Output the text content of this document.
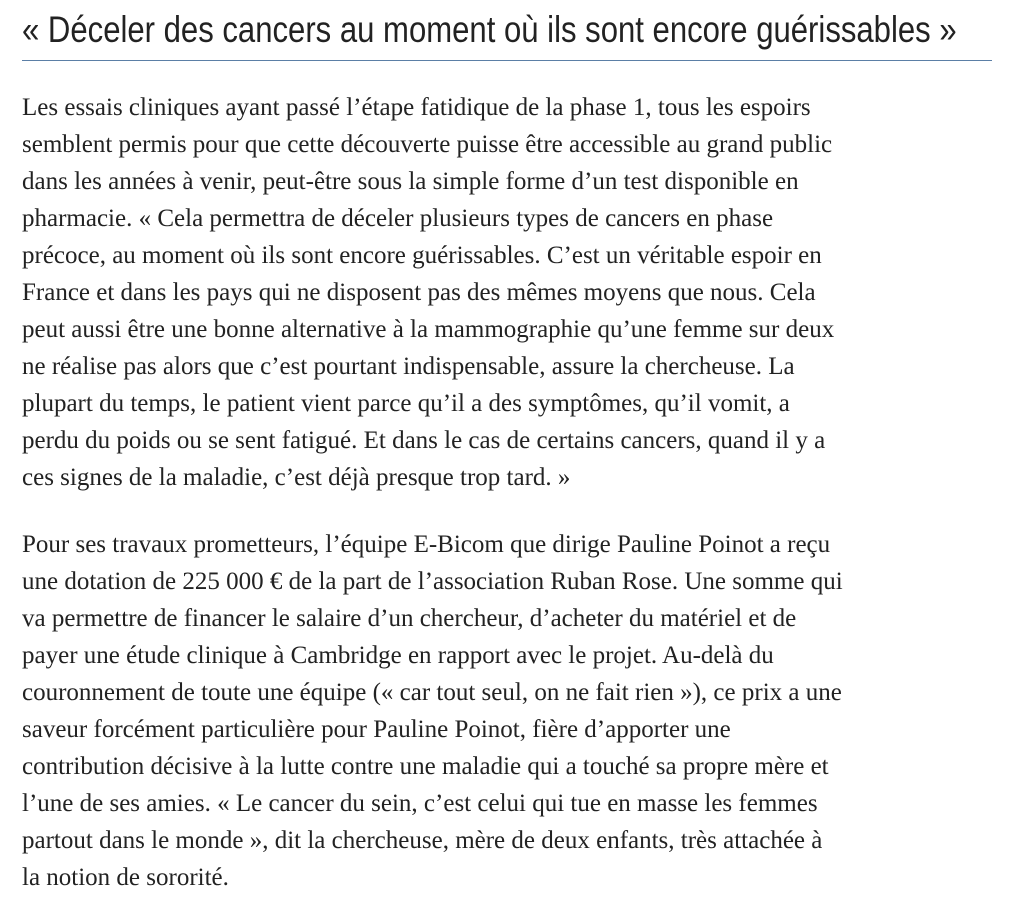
« Déceler des cancers au moment où ils sont encore guérissables »

Les essais cliniques ayant passé l’étape fatidique de la phase 1, tous les espoirs
semblent permis pour que cette découverte puisse être accessible au grand public
dans les années à venir, peut-être sous la simple forme d’un test disponible en
pharmacie. « Cela permettra de déceler plusieurs types de cancers en phase
précoce, au moment où ils sont encore guérissables. C’est un véritable espoir en
France et dans les pays qui ne disposent pas des mêmes moyens que nous. Cela
peut aussi être une bonne alternative à la mammographie qu’une femme sur deux
ne réalise pas alors que c’est pourtant indispensable, assure la chercheuse. La
plupart du temps, le patient vient parce qu’il a des symptômes, qu’il vomit, a
perdu du poids ou se sent fatigué. Et dans le cas de certains cancers, quand il y a
ces signes de la maladie, c’est déjà presque trop tard. »

Pour ses travaux prometteurs, l’équipe E-Bicom que dirige Pauline Poinot a reçu
une dotation de 225 000 € de la part de l’association Ruban Rose. Une somme qui
va permettre de financer le salaire d’un chercheur, d’acheter du matériel et de
payer une étude clinique à Cambridge en rapport avec le projet. Au-delà du
couronnement de toute une équipe (« car tout seul, on ne fait rien »), ce prix a une
saveur forcément particulière pour Pauline Poinot, fière d’apporter une
contribution décisive à la lutte contre une maladie qui a touché sa propre mère et
l’une de ses amies. « Le cancer du sein, c’est celui qui tue en masse les femmes
partout dans le monde », dit la chercheuse, mère de deux enfants, très attachée à
la notion de sororité.
